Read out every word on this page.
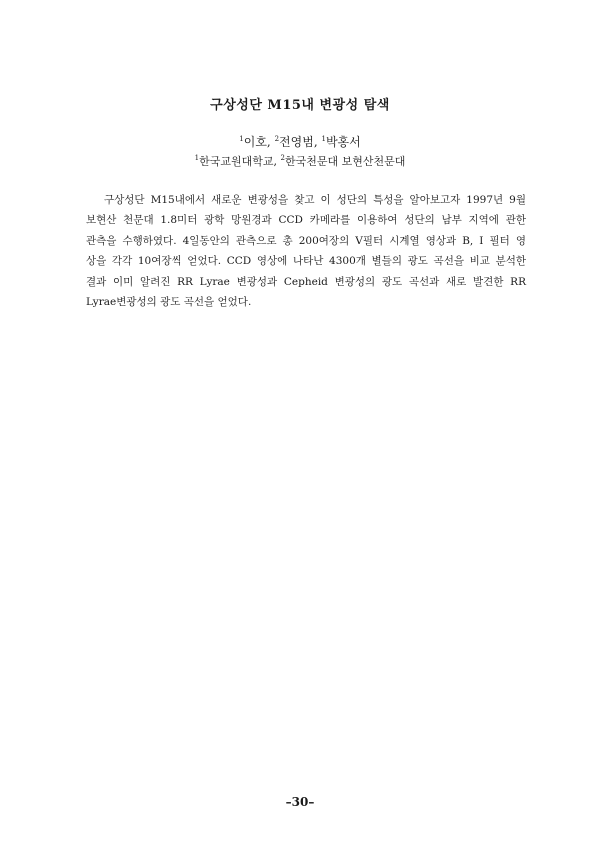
구상성단 M15내 변광성 탐색
$^1$이호, $^2$전영범, $^1$박홍서
$^1$한국교원대학교, $^2$한국천문대 보현산천문대
구상성단 M15내에서 새로운 변광성을 찾고 이 성단의 특성을 알아보고자 1997년 9월
보현산 천문대 1.8미터 광학 망원경과 CCD 카메라를 이용하여 성단의 남부 지역에 관한
관측을 수행하였다. 4일동안의 관측으로 총 200여장의 V필터 시계열 영상과 B, I 필터 영
상을 각각 10여장씩 얻었다. CCD 영상에 나타난 4300개 별들의 광도 곡선을 비교 분석한
결과 이미 알려진 RR Lyrae 변광성과 Cepheid 변광성의 광도 곡선과 새로 발견한 RR
Lyrae변광성의 광도 곡선을 얻었다.
–30–
